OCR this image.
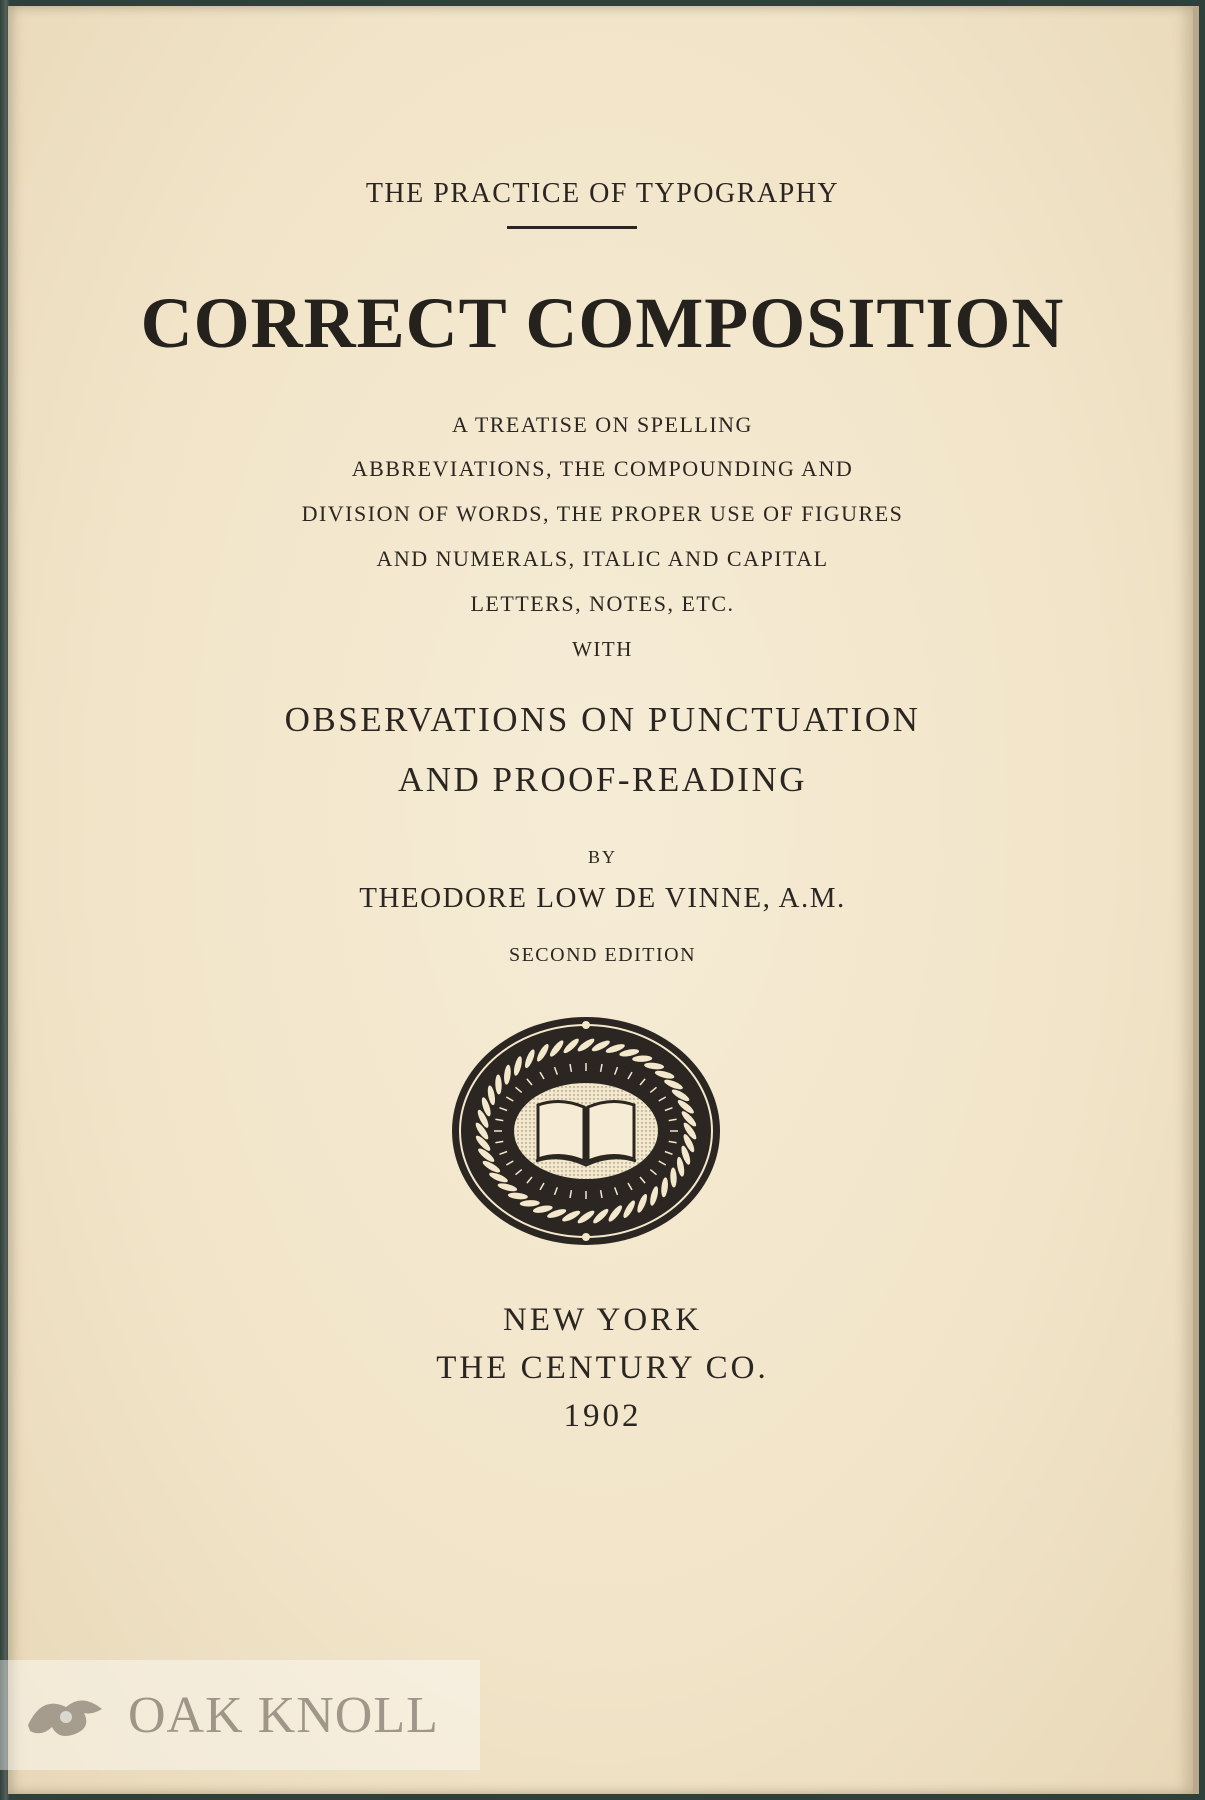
THE PRACTICE OF TYPOGRAPHY
CORRECT COMPOSITION
A TREATISE ON SPELLING
ABBREVIATIONS, THE COMPOUNDING AND
DIVISION OF WORDS, THE PROPER USE OF FIGURES
AND NUMERALS, ITALIC AND CAPITAL
LETTERS, NOTES, ETC.
WITH
OBSERVATIONS ON PUNCTUATION
AND PROOF-READING
BY
THEODORE LOW DE VINNE, A.M.
SECOND EDITION
NEW YORK
THE CENTURY CO.
1902
OAK KNOLL
